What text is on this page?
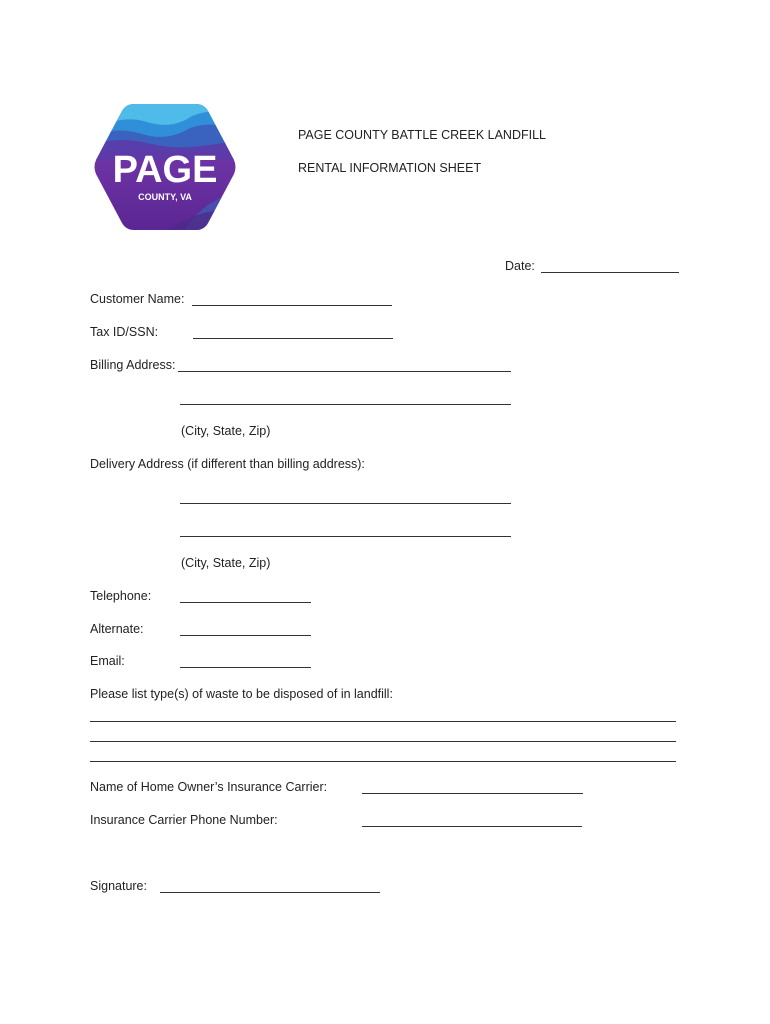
PAGE
COUNTY, VA
PAGE COUNTY BATTLE CREEK LANDFILL
RENTAL INFORMATION SHEET
Date:
Customer Name:
Tax ID/SSN:
Billing Address:
(City, State, Zip)
Delivery Address (if different than billing address):
(City, State, Zip)
Telephone:
Alternate:
Email:
Please list type(s) of waste to be disposed of in landfill:
Name of Home Owner’s Insurance Carrier:
Insurance Carrier Phone Number:
Signature:
